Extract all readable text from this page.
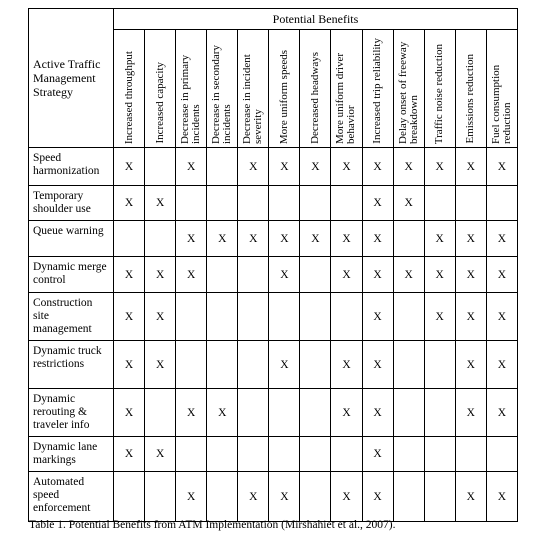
Active Traffic Management Strategy	Potential Benefits												

	Increased throughput	Increased capacity	Decrease in primary incidents	Decrease in secondary incidents	Decrease in incident severity	More uniform speeds	Decreased headways	More uniform driver behavior	Increased trip reliability	Delay onset of freeway breakdown	Traffic noise reduction	Emissions reduction	Fuel consumption reduction

Speed harmonization	X		X		X	X	X	X	X	X	X	X	X
Temporary shoulder use	X	X							X	X			
Queue warning			X	X	X	X	X	X	X		X	X	X
Dynamic merge control	X	X	X			X		X	X	X	X	X	X
Construction site management	X	X							X		X	X	X
Dynamic truck restrictions	X	X				X		X	X			X	X
Dynamic rerouting & traveler info	X		X	X				X	X			X	X
Dynamic lane markings	X	X							X				
Automated speed enforcement			X		X	X		X	X			X	X
Table 1. Potential Benefits from ATM Implementation (Mirshahiet et al., 2007).
